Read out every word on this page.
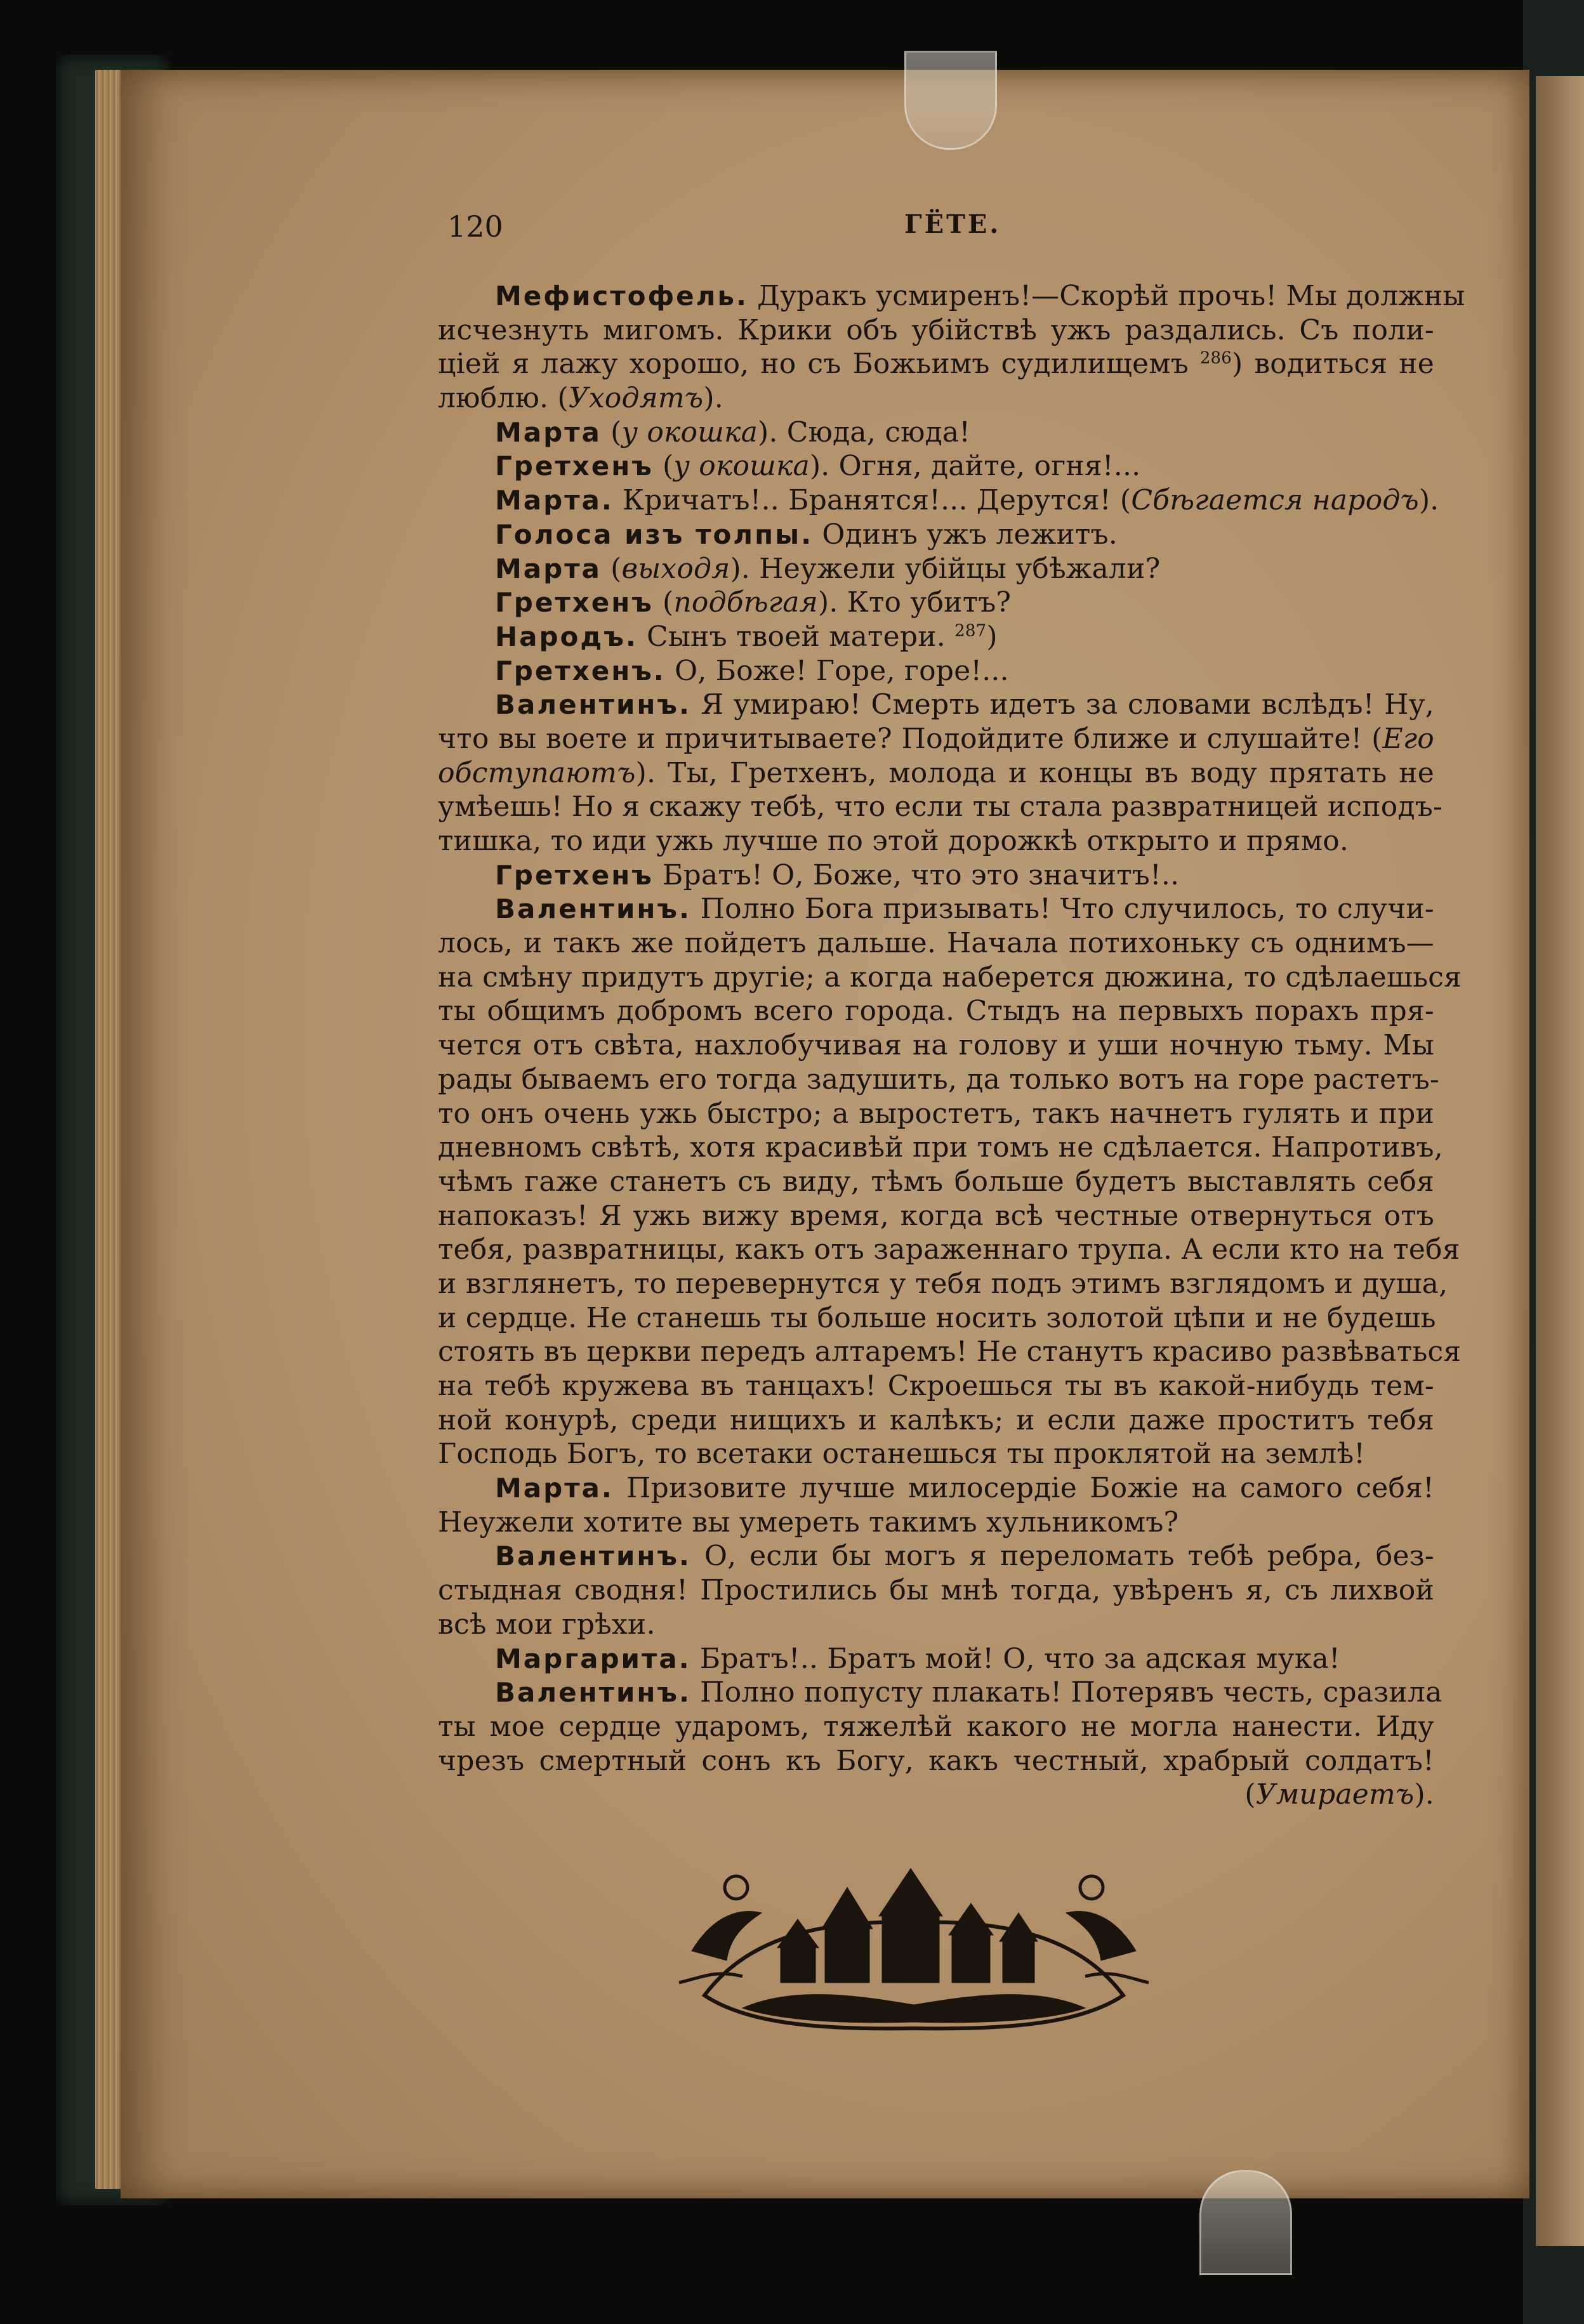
120	ГЁТЕ.
Мефистофель. Дуракъ усмиренъ!—Скорѣй прочь! Мы должны
исчезнуть мигомъ. Крики объ убійствѣ ужъ раздались. Съ поли-
ціей я лажу хорошо, но съ Божьимъ судилищемъ $^{286}$) водиться не
люблю. (Уходятъ).
Марта (у окошка). Сюда, сюда!
Гретхенъ (у окошка). Огня, дайте, огня!...
Марта. Кричатъ!.. Бранятся!... Дерутся! (Сбѣгается народъ).
Голоса изъ толпы. Одинъ ужъ лежитъ.
Марта (выходя). Неужели убійцы убѣжали?
Гретхенъ (подбѣгая). Кто убитъ?
Народъ. Сынъ твоей матери. $^{287}$)
Гретхенъ. О, Боже! Горе, горе!...
Валентинъ. Я умираю! Смерть идетъ за словами вслѣдъ! Ну,
что вы воете и причитываете? Подойдите ближе и слушайте! (Его
обступаютъ). Ты, Гретхенъ, молода и концы въ воду прятать не
умѣешь! Но я скажу тебѣ, что если ты стала развратницей исподъ-
тишка, то иди ужь лучше по этой дорожкѣ открыто и прямо.
Гретхенъ Братъ! О, Боже, что это значитъ!..
Валентинъ. Полно Бога призывать! Что случилось, то случи-
лось, и такъ же пойдетъ дальше. Начала потихоньку съ однимъ—
на смѣну придутъ другіе; а когда наберется дюжина, то сдѣлаешься
ты общимъ добромъ всего города. Стыдъ на первыхъ порахъ пря-
чется отъ свѣта, нахлобучивая на голову и уши ночную тьму. Мы
рады бываемъ его тогда задушить, да только вотъ на горе растетъ-
то онъ очень ужь быстро; а выростетъ, такъ начнетъ гулять и при
дневномъ свѣтѣ, хотя красивѣй при томъ не сдѣлается. Напротивъ,
чѣмъ гаже станетъ съ виду, тѣмъ больше будетъ выставлять себя
напоказъ! Я ужь вижу время, когда всѣ честные отвернуться отъ
тебя, развратницы, какъ отъ зараженнаго трупа. А если кто на тебя
и взглянетъ, то перевернутся у тебя подъ этимъ взглядомъ и душа,
и сердце. Не станешь ты больше носить золотой цѣпи и не будешь
стоять въ церкви передъ алтаремъ! Не станутъ красиво развѣваться
на тебѣ кружева въ танцахъ! Скроешься ты въ какой-нибудь тем-
ной конурѣ, среди нищихъ и калѣкъ; и если даже проститъ тебя
Господь Богъ, то всетаки останешься ты проклятой на землѣ!
Марта. Призовите лучше милосердіе Божіе на самого себя!
Неужели хотите вы умереть такимъ хульникомъ?
Валентинъ. О, если бы могъ я переломать тебѣ ребра, без-
стыдная сводня! Простились бы мнѣ тогда, увѣренъ я, съ лихвой
всѣ мои грѣхи.
Маргарита. Братъ!.. Братъ мой! О, что за адская мука!
Валентинъ. Полно попусту плакать! Потерявъ честь, сразила
ты мое сердце ударомъ, тяжелѣй какого не могла нанести. Иду
чрезъ смертный сонъ къ Богу, какъ честный, храбрый солдатъ!
(Умираетъ).
